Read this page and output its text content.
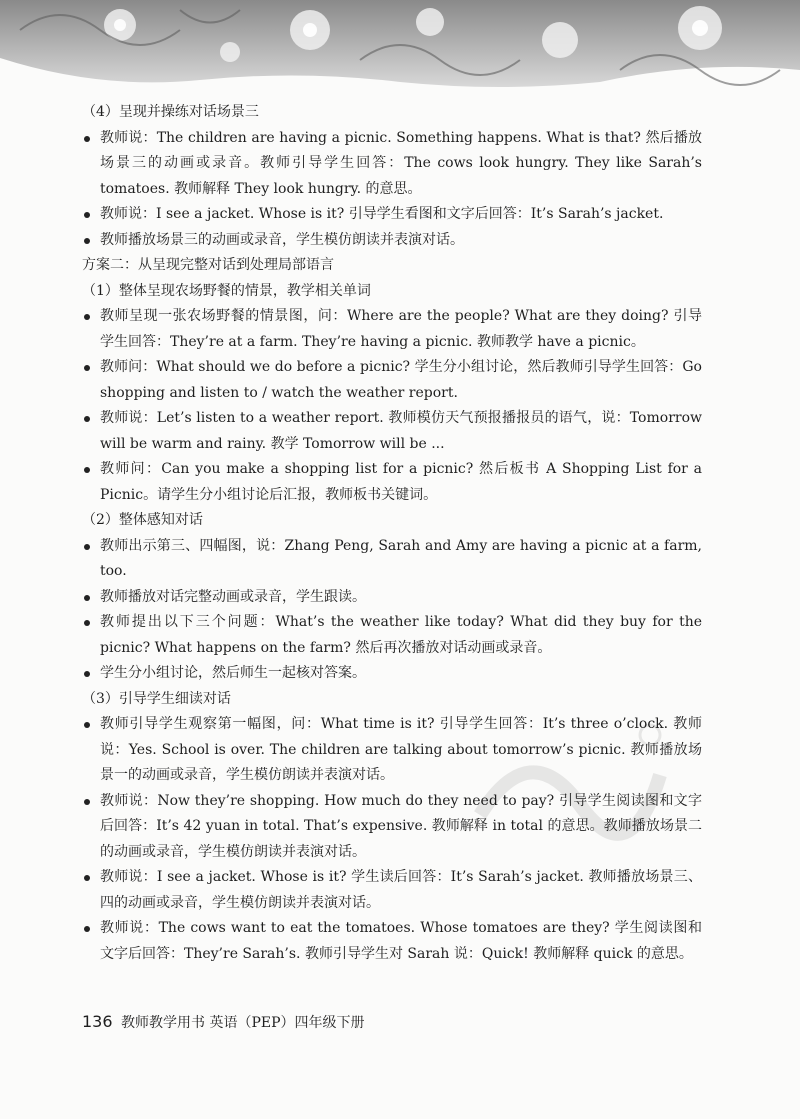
（4）呈现并操练对话场景三
教师说：The children are having a picnic. Something happens. What is that? 然后播放场景三的动画或录音。教师引导学生回答：The cows look hungry. They like Sarah’s tomatoes. 教师解释 They look hungry. 的意思。
教师说：I see a jacket. Whose is it? 引导学生看图和文字后回答：It’s Sarah’s jacket.
教师播放场景三的动画或录音，学生模仿朗读并表演对话。
方案二：从呈现完整对话到处理局部语言
（1）整体呈现农场野餐的情景，教学相关单词
教师呈现一张农场野餐的情景图，问：Where are the people? What are they doing? 引导学生回答：They’re at a farm. They’re having a picnic. 教师教学 have a picnic。
教师问：What should we do before a picnic? 学生分小组讨论，然后教师引导学生回答：Go shopping and listen to / watch the weather report.
教师说：Let’s listen to a weather report. 教师模仿天气预报播报员的语气，说：Tomorrow will be warm and rainy. 教学 Tomorrow will be ...
教师问：Can you make a shopping list for a picnic? 然后板书 A Shopping List for a Picnic。请学生分小组讨论后汇报，教师板书关键词。
（2）整体感知对话
教师出示第三、四幅图，说：Zhang Peng, Sarah and Amy are having a picnic at a farm, too.
教师播放对话完整动画或录音，学生跟读。
教师提出以下三个问题：What’s the weather like today? What did they buy for the picnic? What happens on the farm? 然后再次播放对话动画或录音。
学生分小组讨论，然后师生一起核对答案。
（3）引导学生细读对话
教师引导学生观察第一幅图，问：What time is it? 引导学生回答：It’s three o’clock. 教师说：Yes. School is over. The children are talking about tomorrow’s picnic. 教师播放场景一的动画或录音，学生模仿朗读并表演对话。
教师说：Now they’re shopping. How much do they need to pay? 引导学生阅读图和文字后回答：It’s 42 yuan in total. That’s expensive. 教师解释 in total 的意思。教师播放场景二的动画或录音，学生模仿朗读并表演对话。
教师说：I see a jacket. Whose is it? 学生读后回答：It’s Sarah’s jacket. 教师播放场景三、四的动画或录音，学生模仿朗读并表演对话。
教师说：The cows want to eat the tomatoes. Whose tomatoes are they? 学生阅读图和文字后回答：They’re Sarah’s. 教师引导学生对 Sarah 说：Quick! 教师解释 quick 的意思。
136 教师教学用书 英语（PEP）四年级下册
